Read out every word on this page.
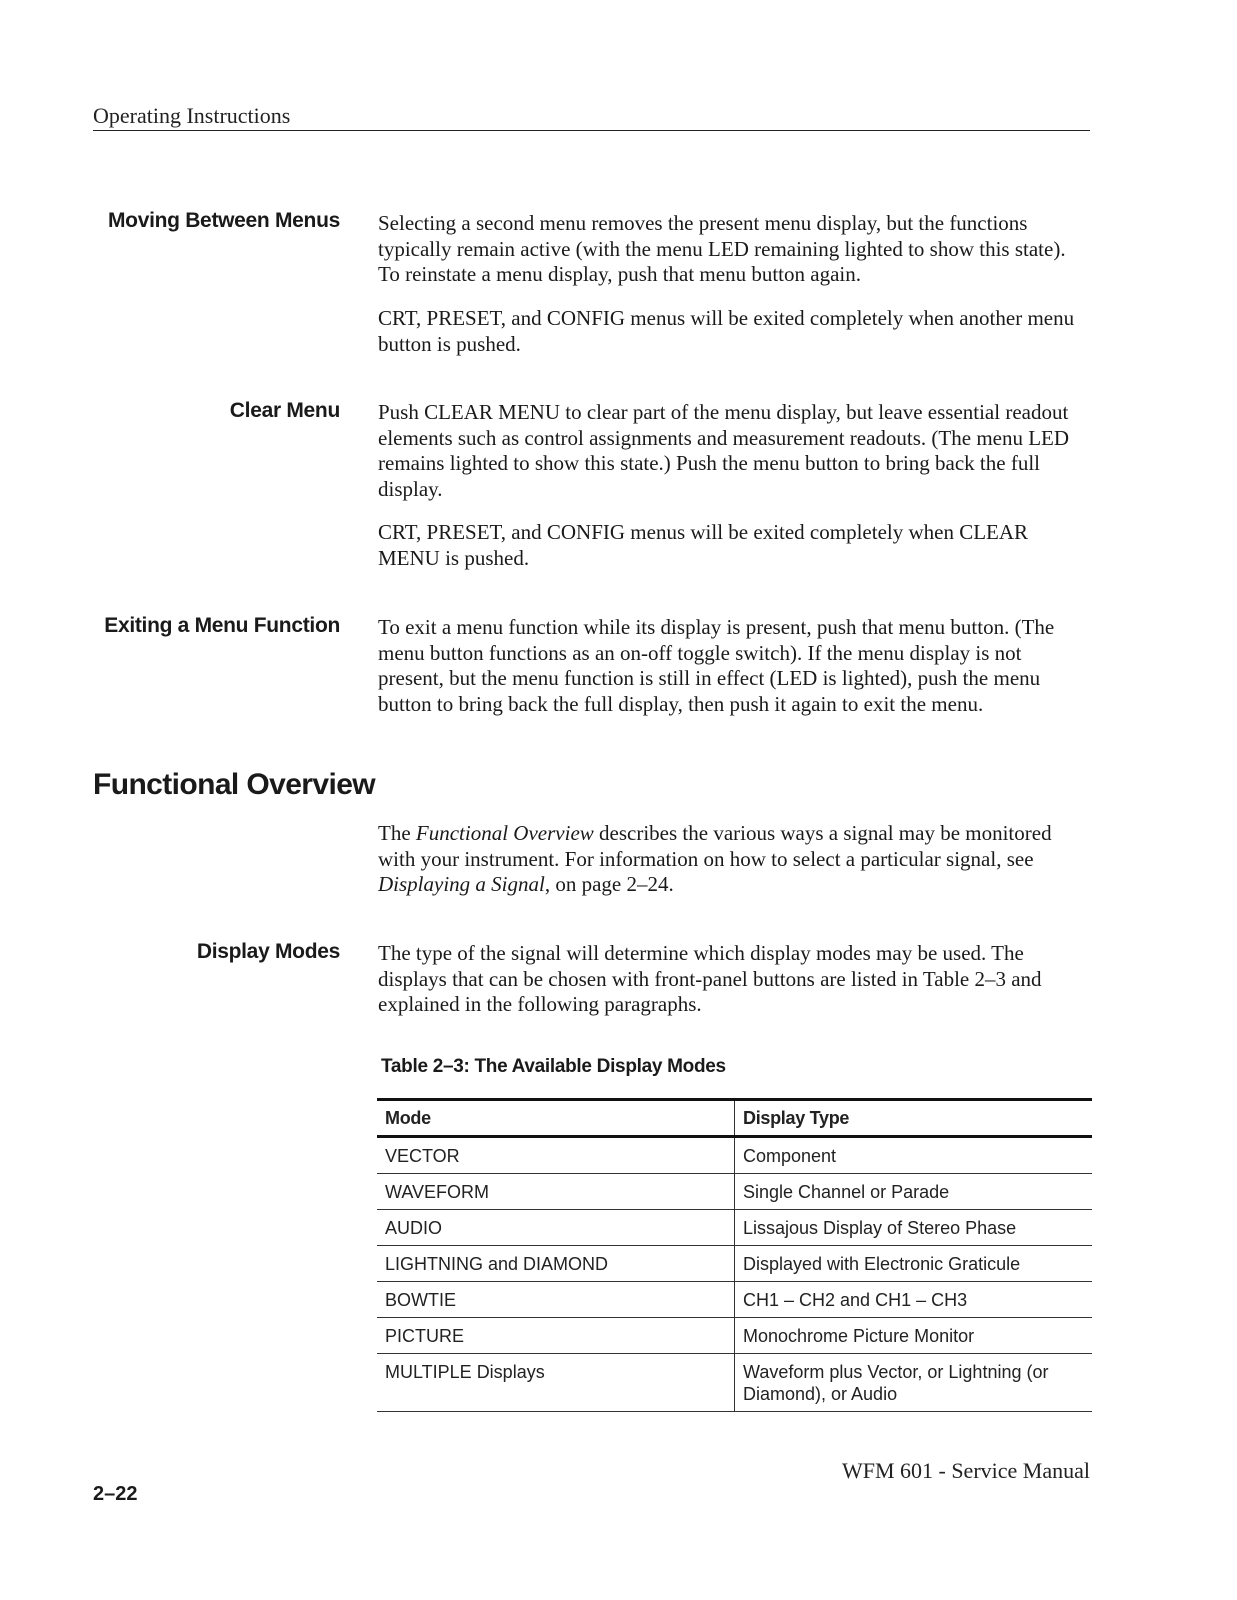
Operating Instructions
Moving Between Menus Selecting a second menu removes the present menu display, but the functions typically remain active (with the menu LED remaining lighted to show this state). To reinstate a menu display, push that menu button again.

CRT, PRESET, and CONFIG menus will be exited completely when another menu button is pushed.

Clear Menu Push CLEAR MENU to clear part of the menu display, but leave essential readout elements such as control assignments and measurement readouts. (The menu LED remains lighted to show this state.) Push the menu button to bring back the full display.

CRT, PRESET, and CONFIG menus will be exited completely when CLEAR MENU is pushed.

Exiting a Menu Function To exit a menu function while its display is present, push that menu button. (The menu button functions as an on-off toggle switch). If the menu display is not present, but the menu function is still in effect (LED is lighted), push the menu button to bring back the full display, then push it again to exit the menu.

Functional Overview

The Functional Overview describes the various ways a signal may be monitored with your instrument. For information on how to select a particular signal, see Displaying a Signal, on page 2–24.

Display Modes The type of the signal will determine which display modes may be used. The displays that can be chosen with front-panel buttons are listed in Table 2–3 and explained in the following paragraphs.

Table 2–3: The Available Display Modes
Mode	Display Type
VECTOR	Component
WAVEFORM	Single Channel or Parade
AUDIO	Lissajous Display of Stereo Phase
LIGHTNING and DIAMOND	Displayed with Electronic Graticule
BOWTIE	CH1 – CH2 and CH1 – CH3
PICTURE	Monochrome Picture Monitor
MULTIPLE Displays	Waveform plus Vector, or Lightning (or Diamond), or Audio
WFM 601 - Service Manual
2–22
